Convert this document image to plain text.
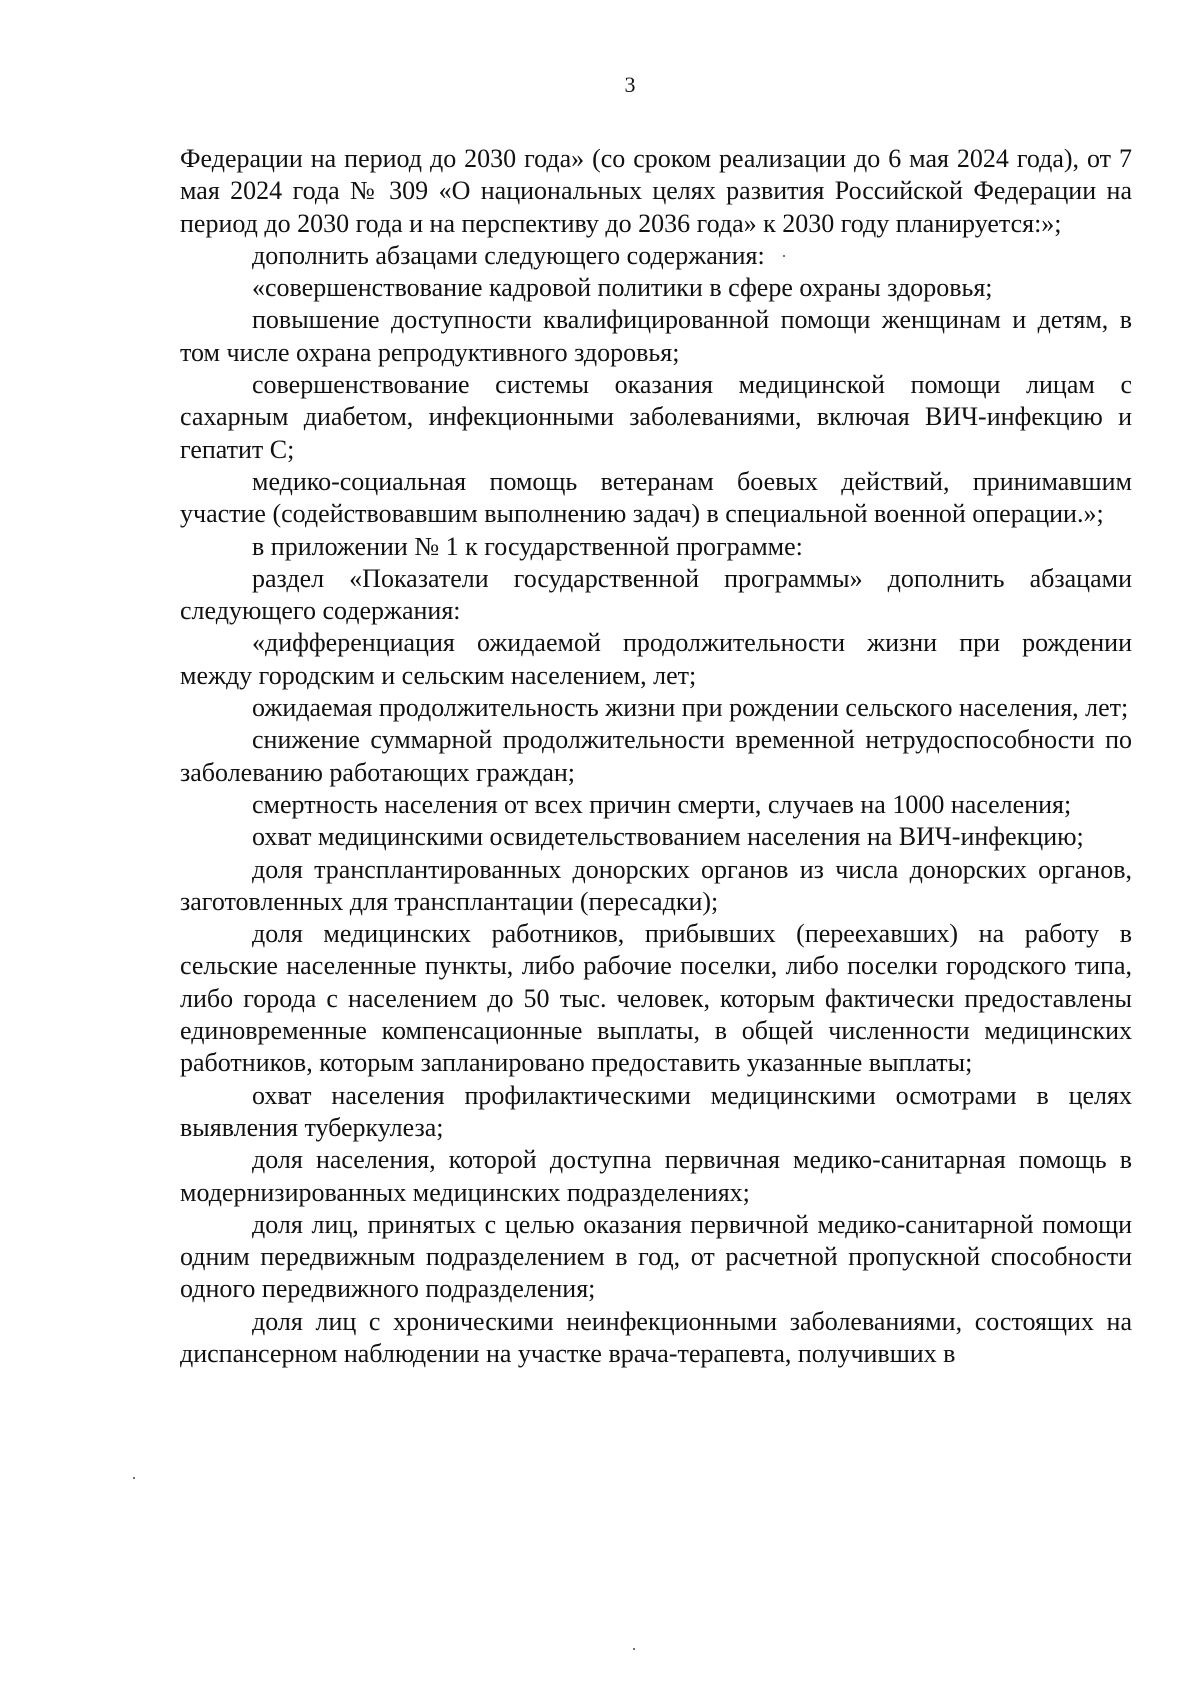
3

Федерации на период до 2030 года» (со сроком реализации до 6 мая 2024 года), от 7 мая 2024 года № 309 «О национальных целях развития Российской Федерации на период до 2030 года и на перспективу до 2036 года» к 2030 году планируется:»;

дополнить абзацами следующего содержания:

«совершенствование кадровой политики в сфере охраны здоровья;

повышение доступности квалифицированной помощи женщинам и детям, в том числе охрана репродуктивного здоровья;

совершенствование системы оказания медицинской помощи лицам с сахарным диабетом, инфекционными заболеваниями, включая ВИЧ-инфекцию и гепатит С;

медико-социальная помощь ветеранам боевых действий, принимавшим участие (содействовавшим выполнению задач) в специальной военной операции.»;

в приложении № 1 к государственной программе:

раздел «Показатели государственной программы» дополнить абзацами следующего содержания:

«дифференциация ожидаемой продолжительности жизни при рождении между городским и сельским населением, лет;

ожидаемая продолжительность жизни при рождении сельского населения, лет;

снижение суммарной продолжительности временной нетрудоспособности по заболеванию работающих граждан;

смертность населения от всех причин смерти, случаев на 1000 населения;

охват медицинскими освидетельствованием населения на ВИЧ-инфекцию;

доля трансплантированных донорских органов из числа донорских органов, заготовленных для трансплантации (пересадки);

доля медицинских работников, прибывших (переехавших) на работу в сельские населенные пункты, либо рабочие поселки, либо поселки городского типа, либо города с населением до 50 тыс. человек, которым фактически предоставлены единовременные компенсационные выплаты, в общей численности медицинских работников, которым запланировано предоставить указанные выплаты;

охват населения профилактическими медицинскими осмотрами в целях выявления туберкулеза;

доля населения, которой доступна первичная медико-санитарная помощь в модернизированных медицинских подразделениях;

доля лиц, принятых с целью оказания первичной медико-санитарной помощи одним передвижным подразделением в год, от расчетной пропускной способности одного передвижного подразделения;

доля лиц с хроническими неинфекционными заболеваниями, состоящих на диспансерном наблюдении на участке врача-терапевта, получивших в
